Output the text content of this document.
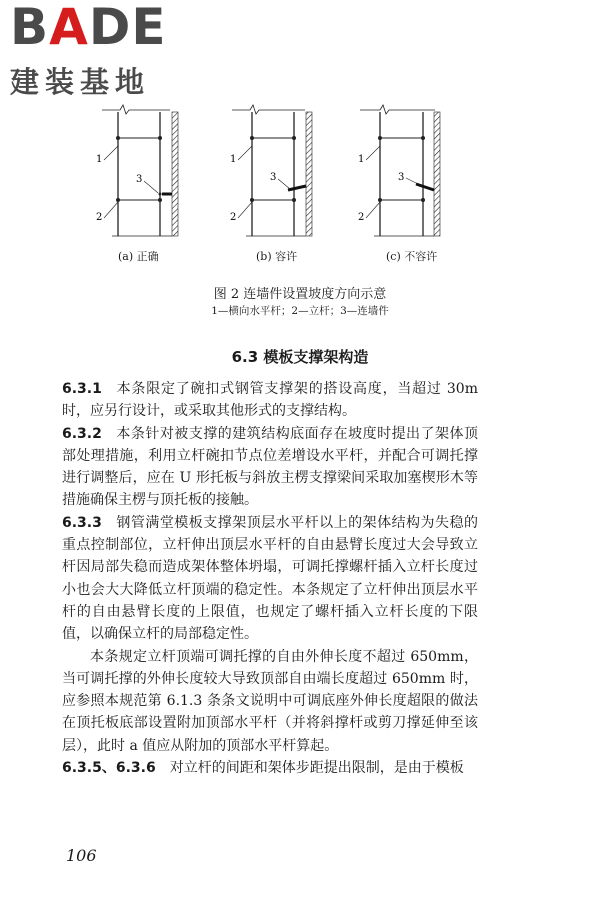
BADE
建装基地
1
2
3
1
2
3
1
2
3
(a) 正确	(b) 容许	(c) 不容许
图 2 连墙件设置坡度方向示意
1—横向水平杆；2—立杆；3—连墙件
6.3 模板支撑架构造

6.3.1  本条限定了碗扣式钢管支撑架的搭设高度，当超过 30m 时，应另行设计，或采取其他形式的支撑结构。

6.3.2  本条针对被支撑的建筑结构底面存在坡度时提出了架体顶部处理措施，利用立杆碗扣节点位差增设水平杆，并配合可调托撑进行调整后，应在 U 形托板与斜放主楞支撑梁间采取加塞楔形木等措施确保主楞与顶托板的接触。

6.3.3  钢管满堂模板支撑架顶层水平杆以上的架体结构为失稳的重点控制部位，立杆伸出顶层水平杆的自由悬臂长度过大会导致立杆因局部失稳而造成架体整体坍塌，可调托撑螺杆插入立杆长度过小也会大大降低立杆顶端的稳定性。本条规定了立杆伸出顶层水平杆的自由悬臂长度的上限值，也规定了螺杆插入立杆长度的下限值，以确保立杆的局部稳定性。

本条规定立杆顶端可调托撑的自由外伸长度不超过 650mm，当可调托撑的外伸长度较大导致顶部自由端长度超过 650mm 时，应参照本规范第 6.1.3 条条文说明中可调底座外伸长度超限的做法在顶托板底部设置附加顶部水平杆（并将斜撑杆或剪刀撑延伸至该层），此时 a 值应从附加的顶部水平杆算起。

6.3.5、6.3.6  对立杆的间距和架体步距提出限制，是由于模板

106
